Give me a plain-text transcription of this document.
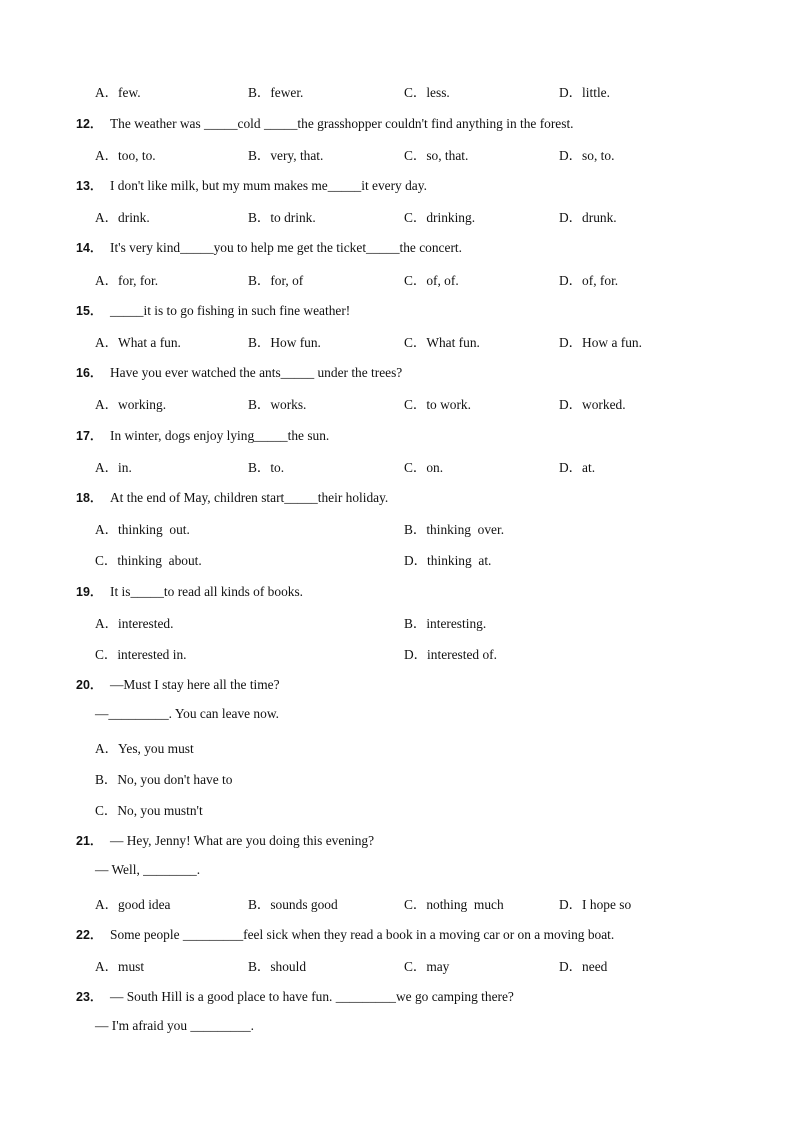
A．few.

	B．fewer.

	C．less.

	D．little.

12． The weather was _____cold _____the grasshopper couldn't find anything in the forest.

A．too, to.

	B．very, that.

	C．so, that.

	D．so, to.

13． I don't like milk, but my mum makes me_____it every day.

A．drink.

	B．to drink.

	C．drinking.

	D．drunk.

14． It's very kind_____you to help me get the ticket_____the concert.

A．for, for.

	B．for, of

	C．of, of.

	D．of, for.

15． _____it is to go fishing in such fine weather!

A．What a fun.

	B．How fun.

	C．What fun.

	D．How a fun.

16． Have you ever watched the ants_____ under the trees?

A．working.

	B．works.

	C．to work.

	D．worked.

17． In winter, dogs enjoy lying_____the sun.

A．in.

	B．to.

	C．on.

	D．at.

18． At the end of May, children start_____their holiday.

A．thinking  out.

	B．thinking  over.

C．thinking  about.

	D．thinking  at.

19． It is_____to read all kinds of books.

A．interested.

	B．interesting.

C．interested in.

	D．interested of.

20． —Must I stay here all the time?

—_________. You can leave now.

A．Yes, you must

B．No, you don't have to

C．No, you mustn't

21． — Hey, Jenny! What are you doing this evening?

— Well, ________.

A．good idea

	B．sounds good

	C．nothing  much

	D．I hope so

22． Some people _________feel sick when they read a book in a moving car or on a moving boat.

A．must

	B．should

	C．may

	D．need

23． — South Hill is a good place to have fun. _________we go camping there?

— I'm afraid you _________.
